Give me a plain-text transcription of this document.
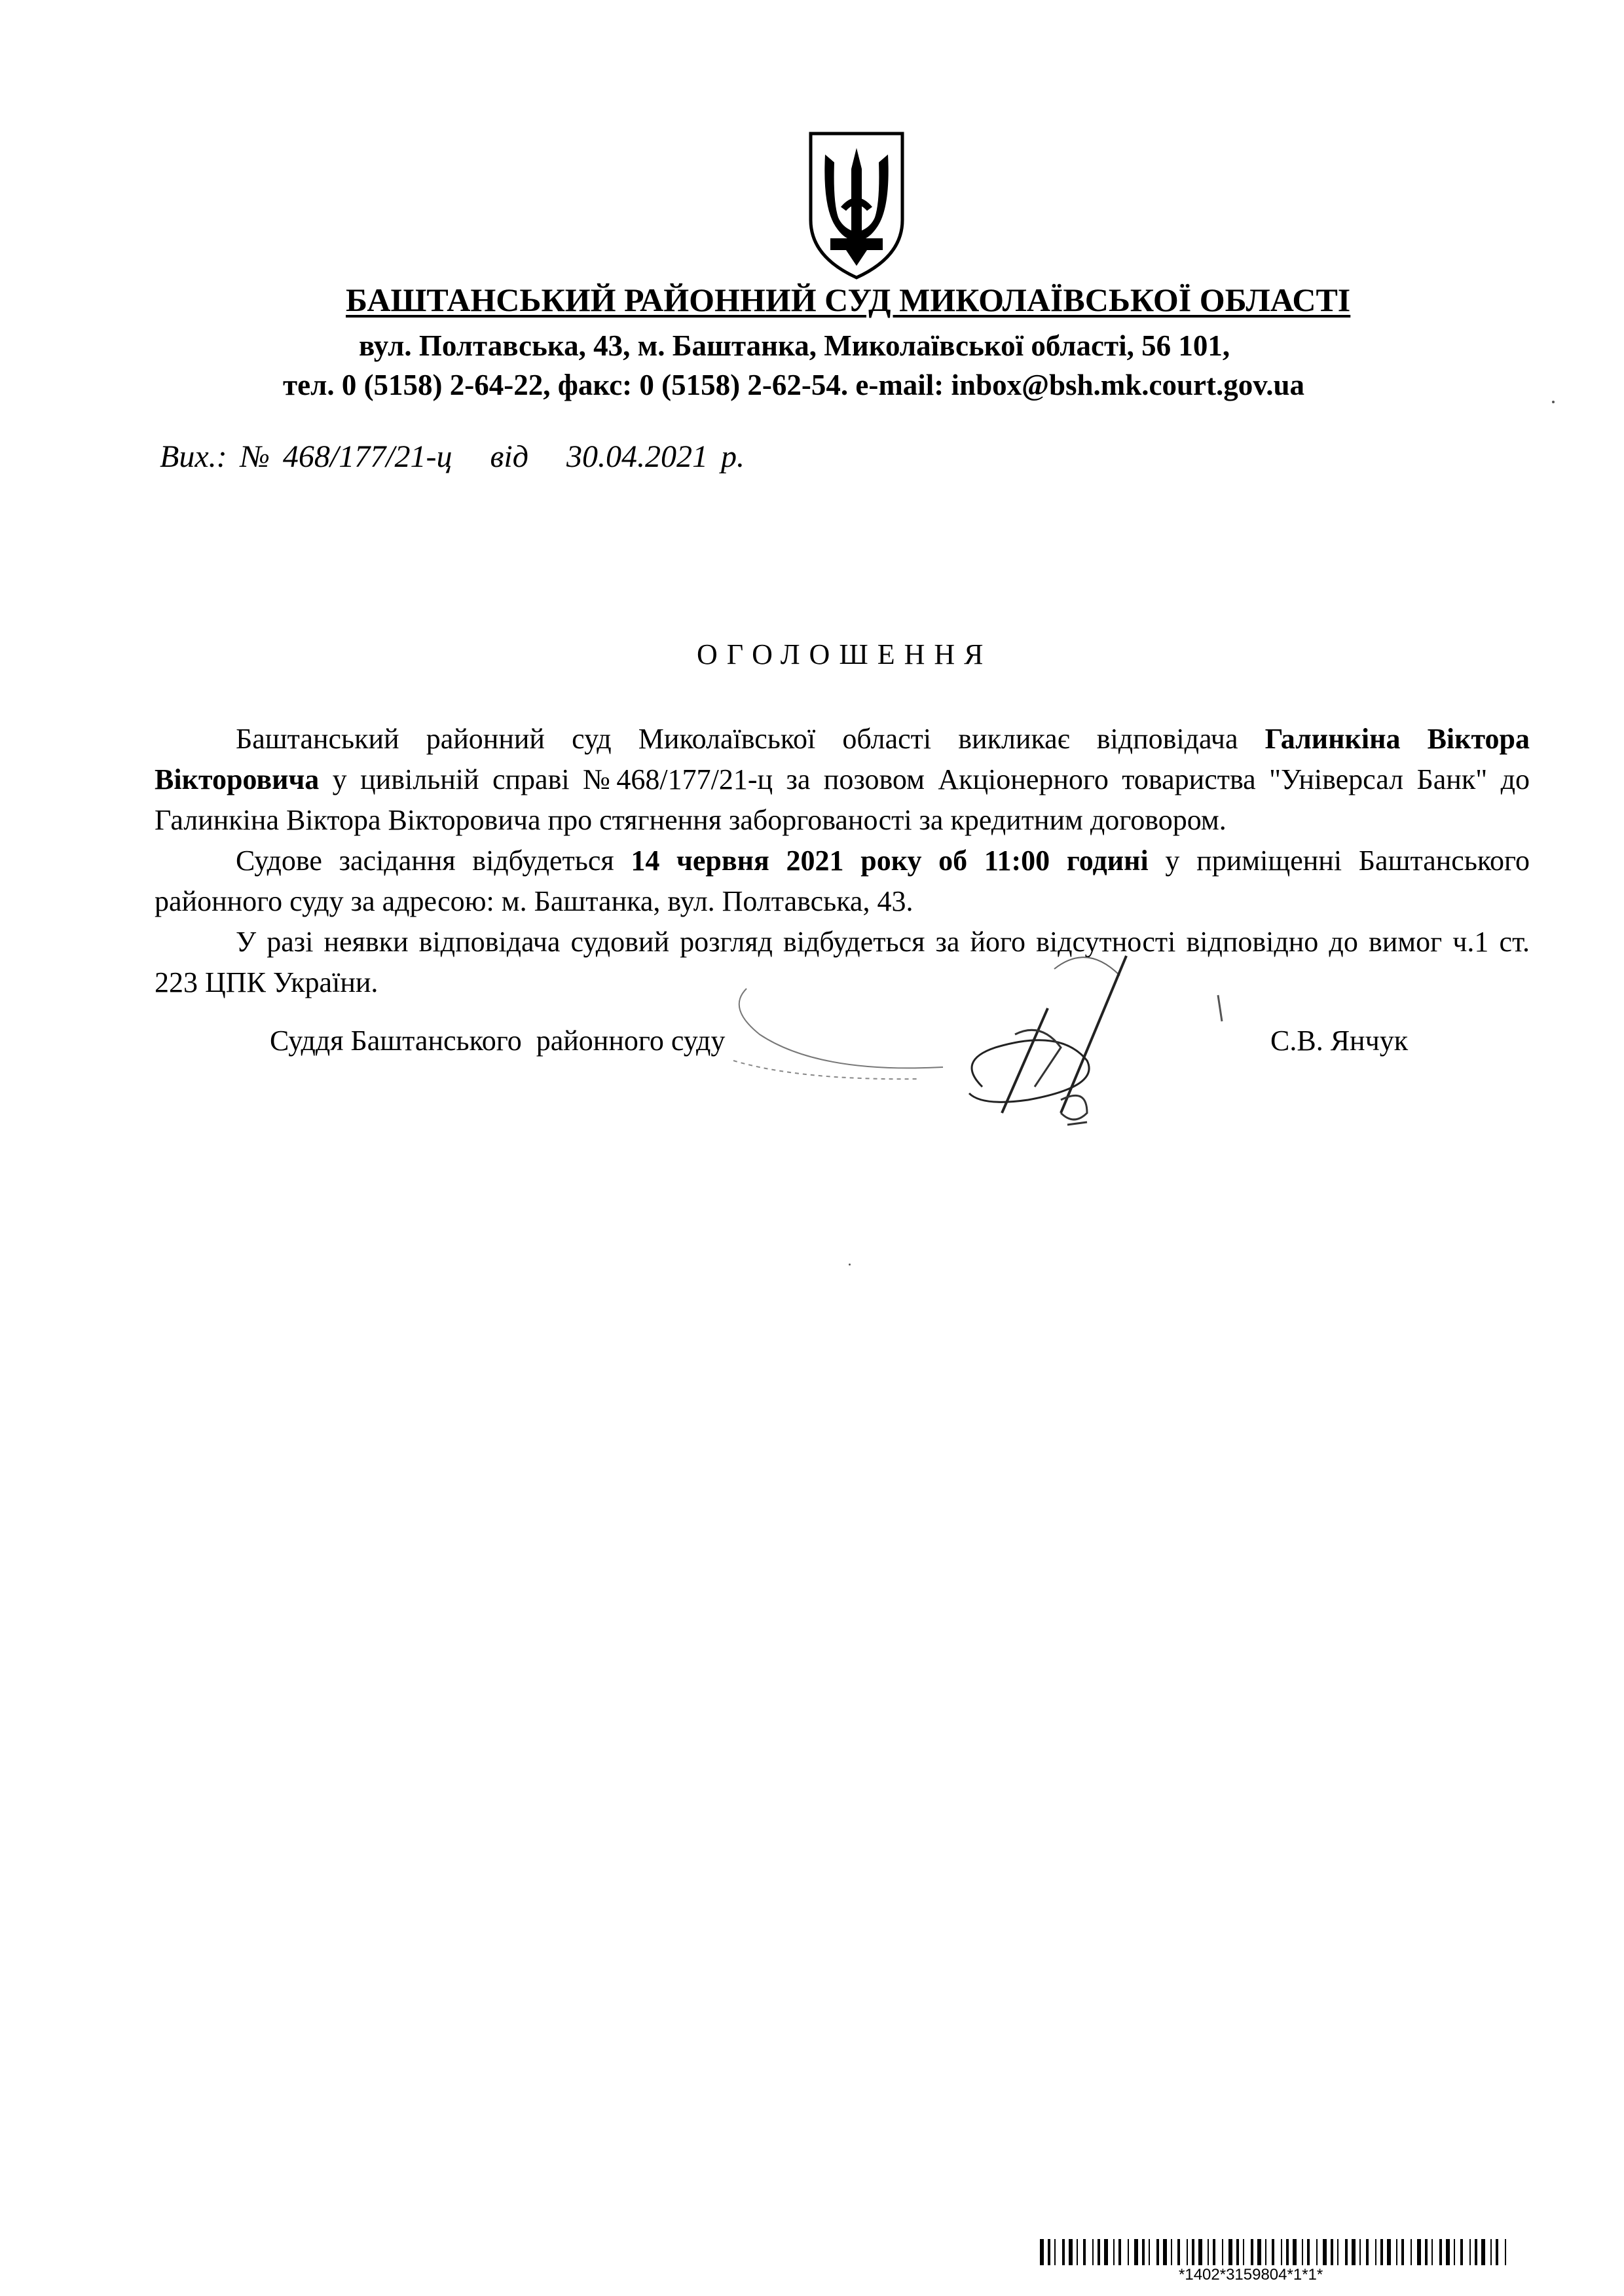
БАШТАНСЬКИЙ РАЙОННИЙ СУД МИКОЛАЇВСЬКОЇ ОБЛАСТІ
вул. Полтавська, 43, м. Баштанка, Миколаївської області, 56 101,
тел. 0 (5158) 2-64-22, факс: 0 (5158) 2-62-54. e-mail: inbox@bsh.mk.court.gov.ua
Вих.: № 468/177/21-ц від 30.04.2021 р.
ОГОЛОШЕННЯ

Баштанський районний суд Миколаївської області викликає відповідача Галинкіна Віктора Вікторовича у цивільній справі №468/177/21-ц за позовом Акціонерного товариства "Універсал Банк" до Галинкіна Віктора Вікторовича про стягнення заборгованості за кредитним договором.

Судове засідання відбудеться 14 червня 2021 року об 11:00 годині у приміщенні Баштанського районного суду за адресою: м. Баштанка, вул. Полтавська, 43.

У разі неявки відповідача судовий розгляд відбудеться за його відсутності відповідно до вимог ч.1 ст. 223 ЦПК України.

Суддя Баштанського  районного суду	С.В. Янчук
*1402*3159804*1*1*
